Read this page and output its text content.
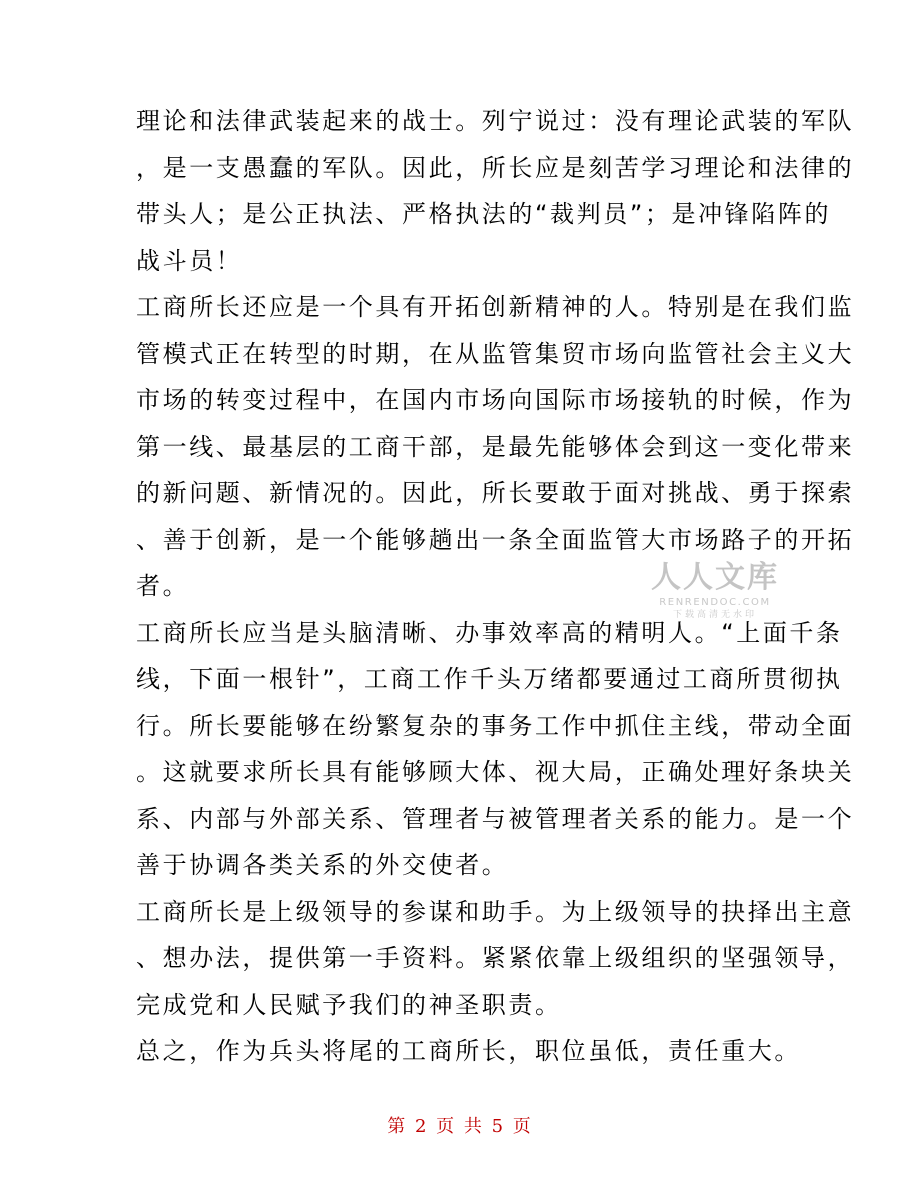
理论和法律武装起来的战士。列宁说过：没有理论武装的军队
，是一支愚蠢的军队。因此，所长应是刻苦学习理论和法律的
带头人；是公正执法、严格执法的“裁判员”；是冲锋陷阵的
战斗员！
工商所长还应是一个具有开拓创新精神的人。特别是在我们监
管模式正在转型的时期，在从监管集贸市场向监管社会主义大
市场的转变过程中，在国内市场向国际市场接轨的时候，作为
第一线、最基层的工商干部，是最先能够体会到这一变化带来
的新问题、新情况的。因此，所长要敢于面对挑战、勇于探索
、善于创新，是一个能够趟出一条全面监管大市场路子的开拓
者。
工商所长应当是头脑清晰、办事效率高的精明人。“上面千条
线，下面一根针”，工商工作千头万绪都要通过工商所贯彻执
行。所长要能够在纷繁复杂的事务工作中抓住主线，带动全面
。这就要求所长具有能够顾大体、视大局，正确处理好条块关
系、内部与外部关系、管理者与被管理者关系的能力。是一个
善于协调各类关系的外交使者。
工商所长是上级领导的参谋和助手。为上级领导的抉择出主意
、想办法，提供第一手资料。紧紧依靠上级组织的坚强领导，
完成党和人民赋予我们的神圣职责。
总之，作为兵头将尾的工商所长，职位虽低，责任重大。
人人文库
RENRENDOC.COM
下载高清无水印
第 2 页 共 5 页
